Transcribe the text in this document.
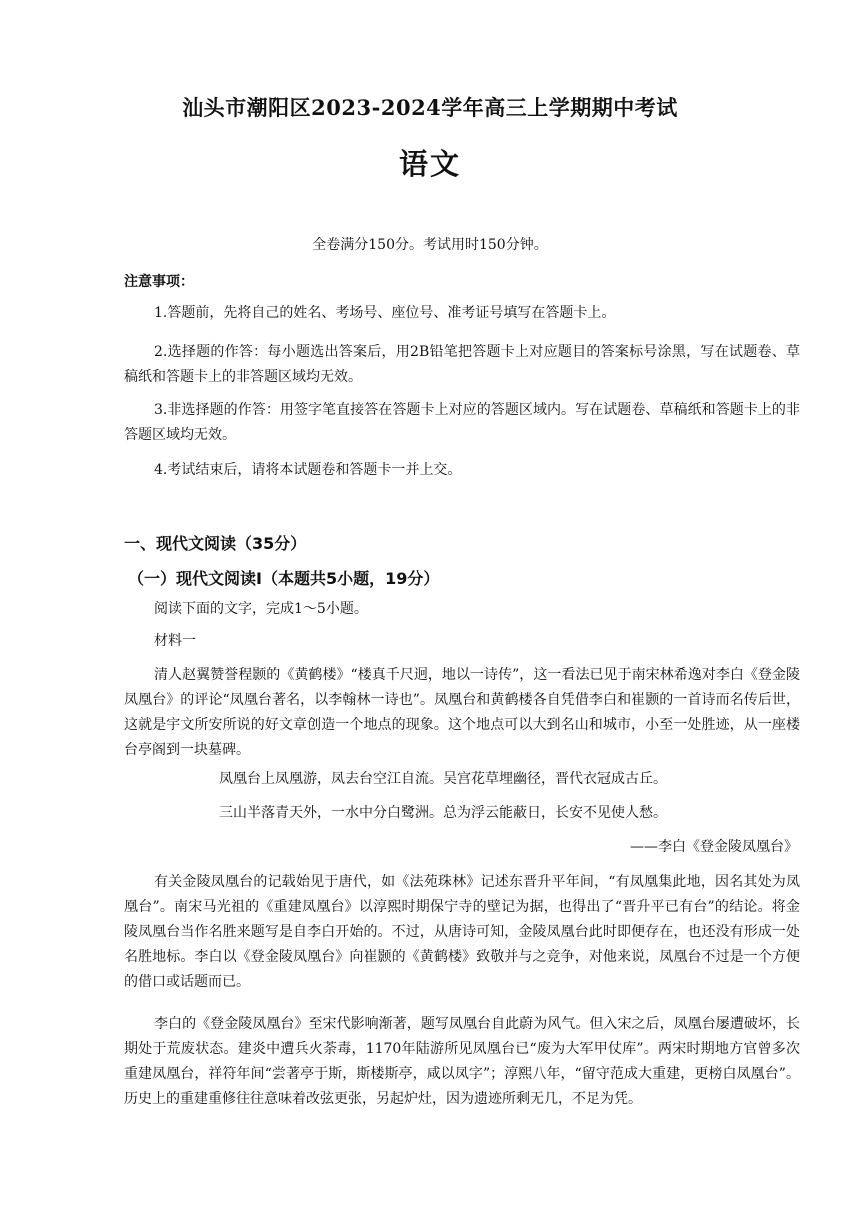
汕头市潮阳区2023-2024学年高三上学期期中考试
语文
全卷满分150分。考试用时150分钟。
注意事项：
1.答题前，先将自己的姓名、考场号、座位号、准考证号填写在答题卡上。
2.选择题的作答：每小题选出答案后，用2B铅笔把答题卡上对应题目的答案标号涂黑，写在试题卷、草稿纸和答题卡上的非答题区域均无效。
3.非选择题的作答：用签字笔直接答在答题卡上对应的答题区域内。写在试题卷、草稿纸和答题卡上的非答题区域均无效。
4.考试结束后，请将本试题卷和答题卡一并上交。
一、现代文阅读（35分）
（一）现代文阅读Ⅰ（本题共5小题，19分）
阅读下面的文字，完成1～5小题。
材料一
清人赵翼赞誉程颢的《黄鹤楼》“楼真千尺迥，地以一诗传”，这一看法已见于南宋林希逸对李白《登金陵凤凰台》的评论“凤凰台著名，以李翰林一诗也”。凤凰台和黄鹤楼各自凭借李白和崔颢的一首诗而名传后世，这就是宇文所安所说的好文章创造一个地点的现象。这个地点可以大到名山和城市，小至一处胜迹，从一座楼台亭阁到一块墓碑。
凤凰台上凤凰游，凤去台空江自流。吴宫花草埋幽径，晋代衣冠成古丘。
三山半落青天外，一水中分白鹭洲。总为浮云能蔽日，长安不见使人愁。
——李白《登金陵凤凰台》
有关金陵凤凰台的记载始见于唐代，如《法苑珠林》记述东晋升平年间，“有凤凰集此地，因名其处为凤凰台”。南宋马光祖的《重建凤凰台》以淳熙时期保宁寺的壁记为据，也得出了“晋升平已有台”的结论。将金陵凤凰台当作名胜来题写是自李白开始的。不过，从唐诗可知，金陵凤凰台此时即便存在，也还没有形成一处名胜地标。李白以《登金陵凤凰台》向崔颢的《黄鹤楼》致敬并与之竞争，对他来说，凤凰台不过是一个方便的借口或话题而已。
李白的《登金陵凤凰台》至宋代影响渐著，题写凤凰台自此蔚为风气。但入宋之后，凤凰台屡遭破坏，长期处于荒废状态。建炎中遭兵火荼毒，1170年陆游所见凤凰台已“废为大军甲仗库”。两宋时期地方官曾多次重建凤凰台，祥符年间“尝著亭于斯，斯楼斯亭，咸以凤字”；淳熙八年，“留守范成大重建，更榜白凤凰台”。历史上的重建重修往往意味着改弦更张，另起炉灶，因为遗迹所剩无几，不足为凭。
